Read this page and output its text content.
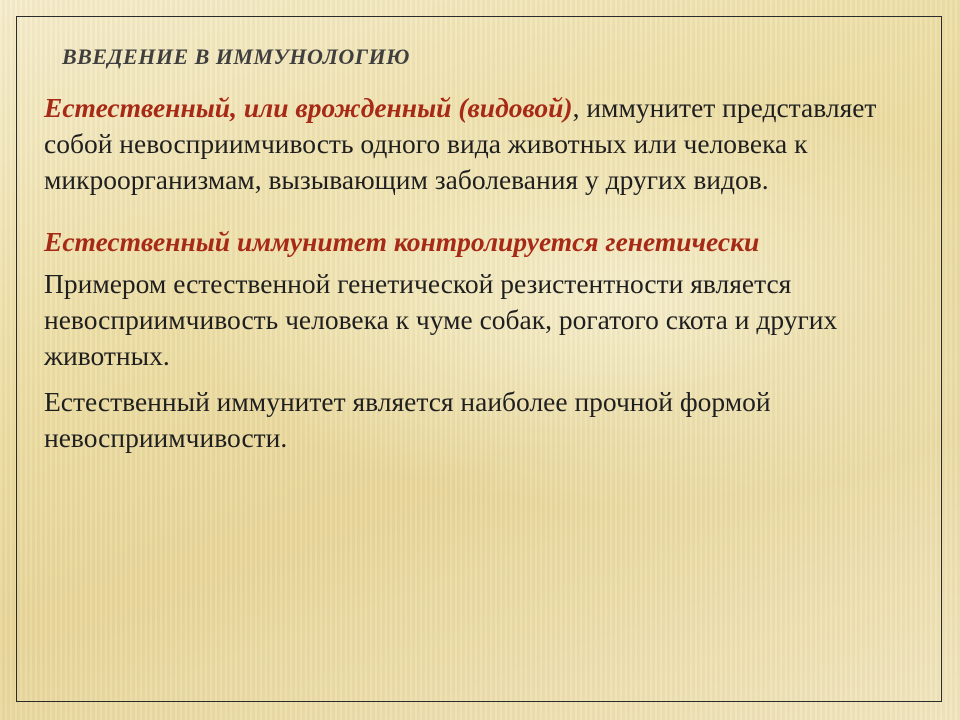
ВВЕДЕНИЕ В ИММУНОЛОГИЮ

Естественный, или врожденный (видовой), иммунитет представляет собой невосприимчивость одного вида животных или человека к микроорганизмам, вызывающим заболевания у других видов.

Естественный иммунитет контролируется генетически

Примером естественной генетической резистентности является невосприимчивость человека к чуме собак, рогатого скота и других животных.

Естественный иммунитет является наиболее прочной формой невосприимчивости.
